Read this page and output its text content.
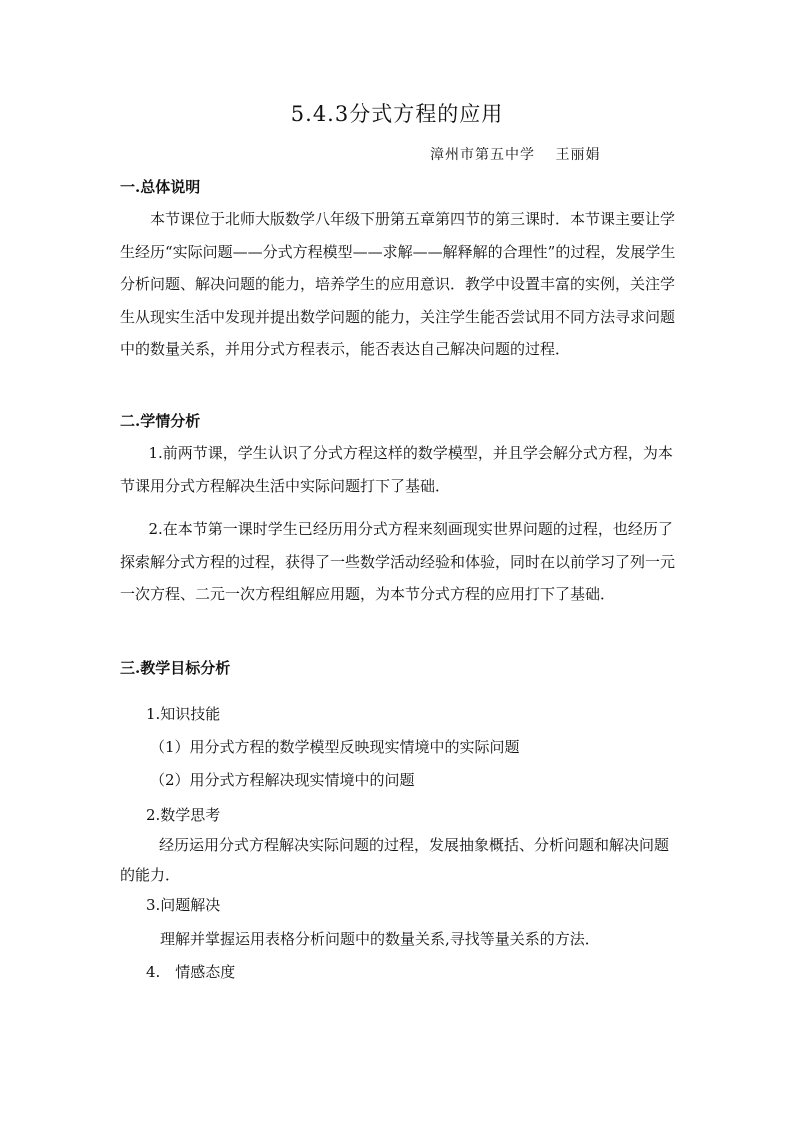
5.4.3分式方程的应用
漳州市第五中学　 王丽娟
一.总体说明

本节课位于北师大版数学八年级下册第五章第四节的第三课时．本节课主要让学生经历“实际问题——分式方程模型——求解——解释解的合理性”的过程，发展学生分析问题、解决问题的能力，培养学生的应用意识．教学中设置丰富的实例，关注学生从现实生活中发现并提出数学问题的能力，关注学生能否尝试用不同方法寻求问题中的数量关系，并用分式方程表示，能否表达自己解决问题的过程．

二.学情分析

1.前两节课，学生认识了分式方程这样的数学模型，并且学会解分式方程，为本节课用分式方程解决生活中实际问题打下了基础．

2.在本节第一课时学生已经历用分式方程来刻画现实世界问题的过程，也经历了探索解分式方程的过程，获得了一些数学活动经验和体验，同时在以前学习了列一元一次方程、二元一次方程组解应用题，为本节分式方程的应用打下了基础．

三.教学目标分析
1.知识技能
（1）用分式方程的数学模型反映现实情境中的实际问题
（2）用分式方程解决现实情境中的问题
2.数学思考

经历运用分式方程解决实际问题的过程，发展抽象概括、分析问题和解决问题的能力．

3.问题解决
理解并掌握运用表格分析问题中的数量关系,寻找等量关系的方法．
4.　情感态度
